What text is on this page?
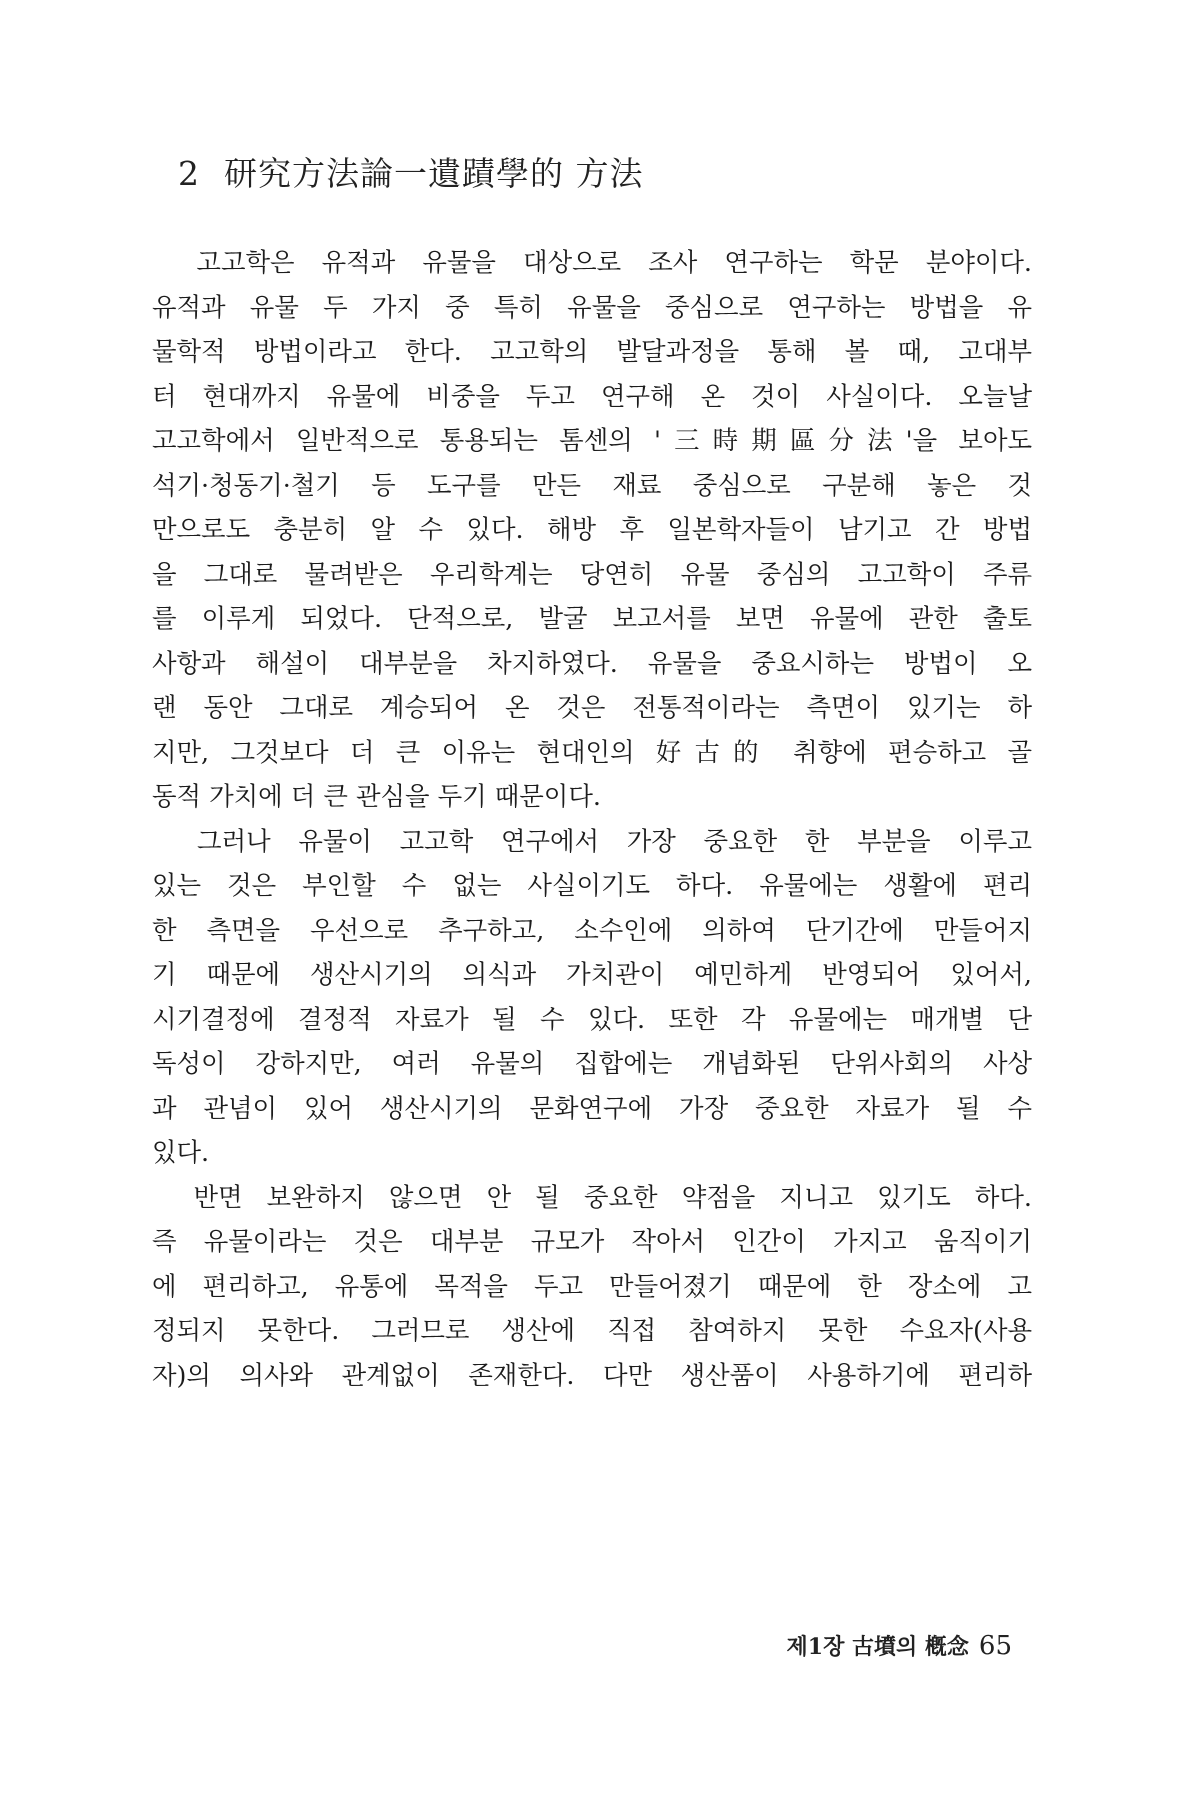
2 研究方法論一遺蹟學的 方法
　고고학은 유적과 유물을 대상으로 조사 연구하는 학문 분야이다.
유적과 유물 두 가지 중 특히 유물을 중심으로 연구하는 방법을 유
물학적 방법이라고 한다. 고고학의 발달과정을 통해 볼 때, 고대부
터 현대까지 유물에 비중을 두고 연구해 온 것이 사실이다. 오늘날
고고학에서 일반적으로 통용되는 톰센의 '三時期區分法'을 보아도
석기·청동기·철기 등 도구를 만든 재료 중심으로 구분해 놓은 것
만으로도 충분히 알 수 있다. 해방 후 일본학자들이 남기고 간 방법
을 그대로 물려받은 우리학계는 당연히 유물 중심의 고고학이 주류
를 이루게 되었다. 단적으로, 발굴 보고서를 보면 유물에 관한 출토
사항과 해설이 대부분을 차지하였다. 유물을 중요시하는 방법이 오
랜 동안 그대로 계승되어 온 것은 전통적이라는 측면이 있기는 하
지만, 그것보다 더 큰 이유는 현대인의 好古的 취향에 편승하고 골
동적 가치에 더 큰 관심을 두기 때문이다.
　그러나 유물이 고고학 연구에서 가장 중요한 한 부분을 이루고
있는 것은 부인할 수 없는 사실이기도 하다. 유물에는 생활에 편리
한 측면을 우선으로 추구하고, 소수인에 의하여 단기간에 만들어지
기 때문에 생산시기의 의식과 가치관이 예민하게 반영되어 있어서,
시기결정에 결정적 자료가 될 수 있다. 또한 각 유물에는 매개별 단
독성이 강하지만, 여러 유물의 집합에는 개념화된 단위사회의 사상
과 관념이 있어 생산시기의 문화연구에 가장 중요한 자료가 될 수
있다.
　반면 보완하지 않으면 안 될 중요한 약점을 지니고 있기도 하다.
즉 유물이라는 것은 대부분 규모가 작아서 인간이 가지고 움직이기
에 편리하고, 유통에 목적을 두고 만들어졌기 때문에 한 장소에 고
정되지 못한다. 그러므로 생산에 직접 참여하지 못한 수요자(사용
자)의 의사와 관계없이 존재한다. 다만 생산품이 사용하기에 편리하
제1장 古墳의 槪念 65
